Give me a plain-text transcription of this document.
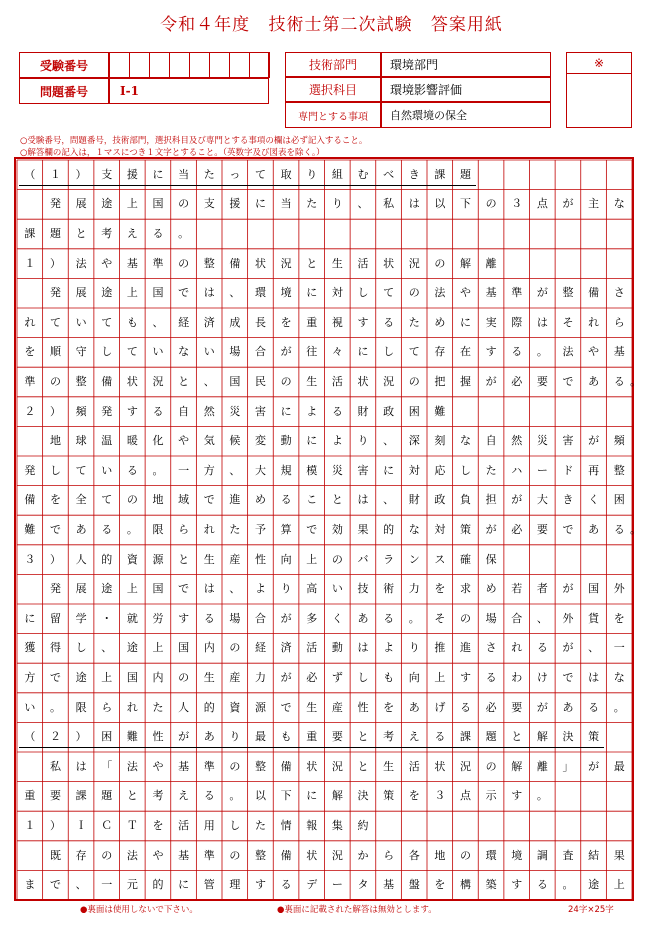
令和４年度 技術士第二次試験 答案用紙
受験番号
問題番号	Ⅰ-1
技術部門	環境部門
選択科目	環境影響評価
専門とする事項	自然環境の保全
※
○受験番号，問題番号，技術部門，選択科目及び専門とする事項の欄は必ず記入すること。
○解答欄の記入は，１マスにつき１文字とすること。（英数字及び図表を除く。）
（	１	）	支	援	に	当	た	っ	て	取	り	組	む	べ	き	課	題
発	展	途	上	国	の	支	援	に	当	た	り	、	私	は	以	下	の	３	点	が	主	な
課	題	と	考	え	る	。
１	）	法	や	基	準	の	整	備	状	況	と	生	活	状	況	の	解	離
発	展	途	上	国	で	は	、	環	境	に	対	し	て	の	法	や	基	準	が	整	備	さ
れ	て	い	て	も	、	経	済	成	長	を	重	視	す	る	た	め	に	実	際	は	そ	れ	ら
を	順	守	し	て	い	な	い	場	合	が	往	々	に	し	て	存	在	す	る	。	法	や	基
準	の	整	備	状	況	と	、	国	民	の	生	活	状	況	の	把	握	が	必	要	で	あ	る 。
２	）	頻	発	す	る	自	然	災	害	に	よ	る	財	政	困	難
地	球	温	暖	化	や	気	候	変	動	に	よ	り	、	深	刻	な	自	然	災	害	が	頻
発	し	て	い	る	。	一	方	、	大	規	模	災	害	に	対	応	し	た	ハ	ー	ド	再	整
備	を	全	て	の	地	域	で	進	め	る	こ	と	は	、	財	政	負	担	が	大	き	く	困
難	で	あ	る	。	限	ら	れ	た	予	算	で	効	果	的	な	対	策	が	必	要	で	あ	る 。
３	）	人	的	資	源	と	生	産	性	向	上	の	バ	ラ	ン	ス	確	保
発	展	途	上	国	で	は	、	よ	り	高	い	技	術	力	を	求	め	若	者	が	国	外
に	留	学	・	就	労	す	る	場	合	が	多	く	あ	る	。	そ	の	場	合	、	外	貨	を
獲	得	し	、	途	上	国	内	の	経	済	活	動	は	よ	り	推	進	さ	れ	る	が	、	一
方	で	途	上	国	内	の	生	産	力	が	必	ず	し	も	向	上	す	る	わ	け	で	は	な
い	。	限	ら	れ	た	人	的	資	源	で	生	産	性	を	あ	げ	る	必	要	が	あ	る	。
（	２	）	困	難	性	が	あ	り	最	も	重	要	と	考	え	る	課	題	と	解	決	策
私	は	「	法	や	基	準	の	整	備	状	況	と	生	活	状	況	の	解	離	」	が	最
重	要	課	題	と	考	え	る	。	以	下	に	解	決	策	を	３	点	示	す	。
１	）	Ｉ	Ｃ	Ｔ	を	活	用	し	た	情	報	集	約
既	存	の	法	や	基	準	の	整	備	状	況	か	ら	各	地	の	環	境	調	査	結	果
ま	で	、	一	元	的	に	管	理	す	る	デ	ー	タ	基	盤	を	構	築	す	る	。	途	上
●裏面は使用しないで下さい。	●裏面に記載された解答は無効とします。	24字×25字
